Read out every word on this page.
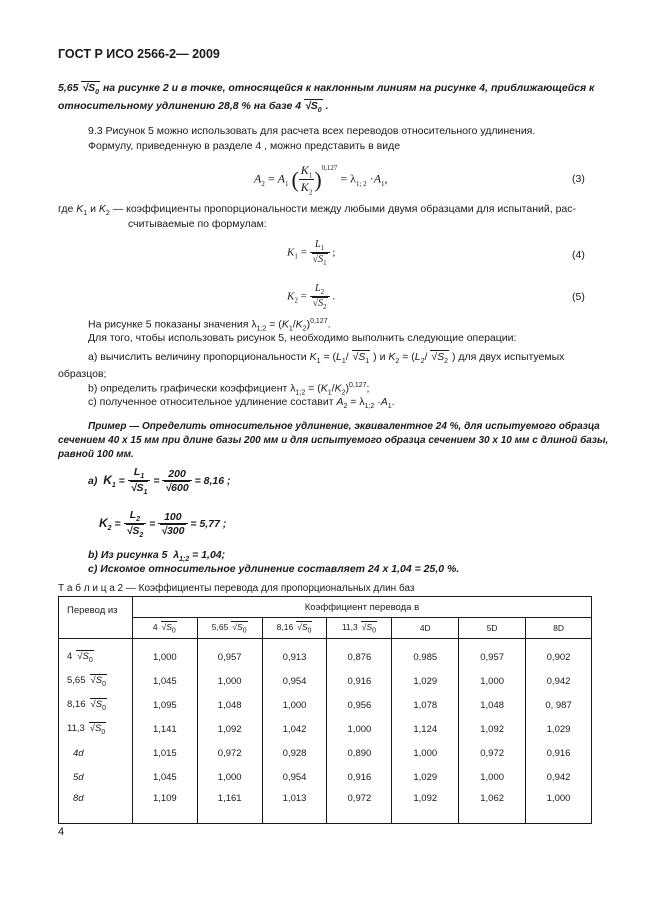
ГОСТ Р ИСО 2566-2— 2009
5,65 √ $S_0$ на рисунке 2 и в точке, относящейся к наклонным линиям на рисунке 4, приближающейся к
относительному удлинению 28,8 % на базе 4 √ $S_0$ .
9.3 Рисунок 5 можно использовать для расчета всех переводов относительного удлинения.
Формулу, приведенную в разделе 4 , можно представить в виде
$A_2 = A_1$ ( $\frac{K_1}{K_2} )^{0,127} = \lambda_{1; 2} \cdot A_1$,	(3)
где $K_1$ и $K_2$ — коэффициенты пропорциональности между любыми двумя образцами для испытаний, рас-
считываемые по формулам:
$K_1 = L_1$
√ $S_1$ ;	(4)
$K_2 = L_2$
√ $S_2$ .	(5)
На рисунке 5 показаны значения $\lambda_{1;2} = (K_1/K_2)^{0,127}$.
Для того, чтобы использовать рисунок 5, необходимо выполнить следующие операции:
а) вычислить величину пропорциональности $K_1 = (L_1/$ √ $S_1$ ) и $K_2 = (L_2/$ √ $S_2$ ) для двух испытуемых
образцов;
b) определить графически коэффициент $\lambda_{1;2} = (K_1/K_2)^{0,127}$;
с) полученное относительное удлинение составит $A_2 = \lambda_{1;2} \cdot A_1$.
Пример — Определить относительное удлинение, эквивалентное 24 %, для испытуемого образца
сечением 40 х 15 мм при длине базы 200 мм и для испытуемого образца сечением 30 х 10 мм с длиной базы,
равной 100 мм.
а) $K_1 = L_1$
√ $S_1 = 200$
√ 600 = 8,16 ;
$K_2 = L_2$
√ $S_2 = 100$
√ 300 = 5,77 ;
b) Из рисунка 5  $\lambda_{1;2} = 1,04$;
с) Искомое относительное удлинение составляет 24 х 1,04 = 25,0 %.
Т а б л и ц а 2 — Коэффициенты перевода для пропорциональных длин баз
Перевод из	Коэффициент перевода в						
	4 √ $S_0$	5,65 √ $S_0$	8,16 √ $S_0$	11,3 √ $S_0$	4D	5D	8D
4 √ $S_0$	1,000	0,957	0,913	0,876	0,985	0,957	0,902
5,65 √ $S_0$	1,045	1,000	0,954	0,916	1,029	1,000	0,942
8,16 √ $S_0$	1,095	1,048	1,000	0,956	1,078	1,048	0, 987
11,3 √ $S_0$	1,141	1,092	1,042	1,000	1,124	1,092	1,029
4d	1,015	0,972	0,928	0,890	1,000	0,972	0,916
5d	1,045	1,000	0,954	0,916	1,029	1,000	0,942
8d	1,109	1,161	1,013	0,972	1,092	1,062	1,000
4
